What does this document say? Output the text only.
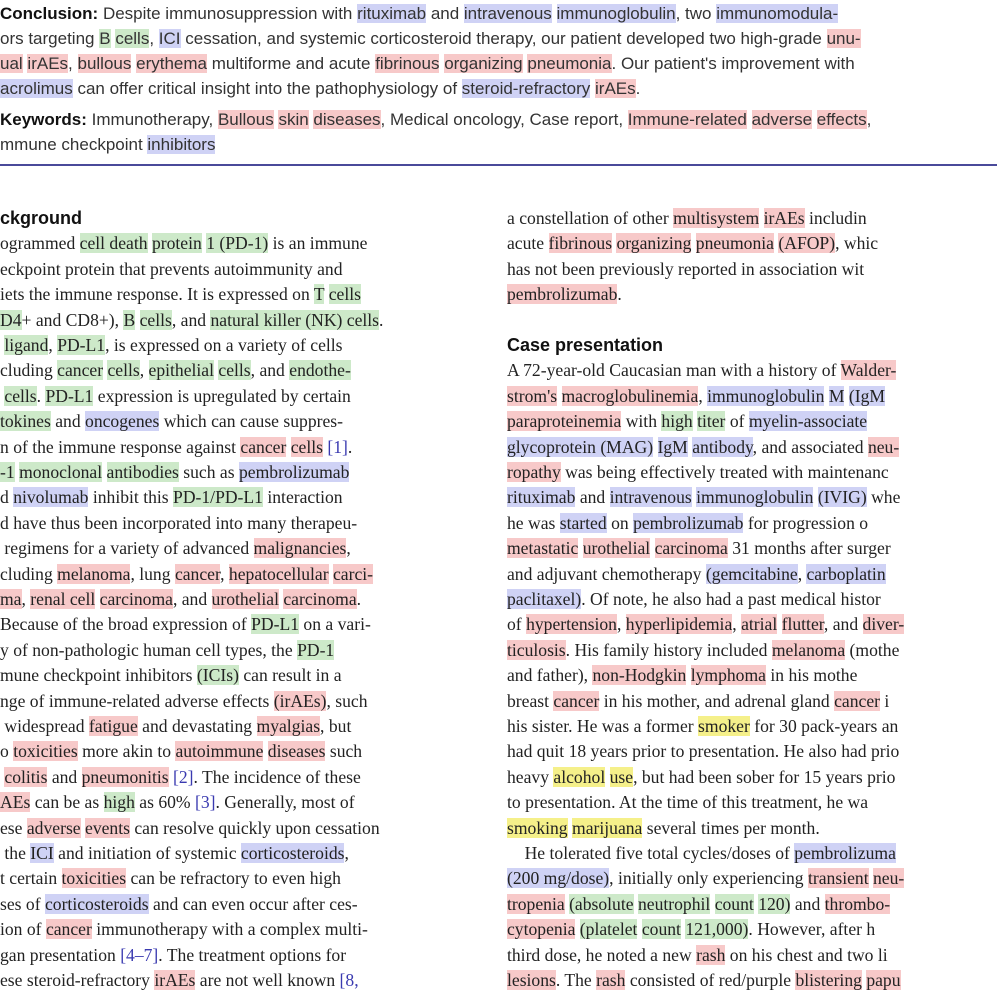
Conclusion: Despite immunosuppression with rituximab and intravenous immunoglobulin, two immunomodula-
ors targeting B cells, ICI cessation, and systemic corticosteroid therapy, our patient developed two high-grade unu-
ual irAEs, bullous erythema multiforme and acute fibrinous organizing pneumonia. Our patient's improvement with
acrolimus can offer critical insight into the pathophysiology of steroid-refractory irAEs.
Keywords: Immunotherapy, Bullous skin diseases, Medical oncology, Case report, Immune-related adverse effects,
mmune checkpoint inhibitors
ckground
ogrammed cell death protein 1 (PD-1) is an immune
eckpoint protein that prevents autoimmunity and
iets the immune response. It is expressed on T cells
D4+ and CD8+), B cells, and natural killer (NK) cells.
ligand, PD-L1, is expressed on a variety of cells
cluding cancer cells, epithelial cells, and endothe-
cells. PD-L1 expression is upregulated by certain
tokines and oncogenes which can cause suppres-
n of the immune response against cancer cells [1].
-1 monoclonal antibodies such as pembrolizumab
d nivolumab inhibit this PD-1/PD-L1 interaction
d have thus been incorporated into many therapeu-
regimens for a variety of advanced malignancies,
cluding melanoma, lung cancer, hepatocellular carci-
ma, renal cell carcinoma, and urothelial carcinoma.
Because of the broad expression of PD-L1 on a vari-
y of non-pathologic human cell types, the PD-1
mune checkpoint inhibitors (ICIs) can result in a
nge of immune-related adverse effects (irAEs), such
widespread fatigue and devastating myalgias, but
o toxicities more akin to autoimmune diseases such
colitis and pneumonitis [2]. The incidence of these
AEs can be as high as 60% [3]. Generally, most of
ese adverse events can resolve quickly upon cessation
the ICI and initiation of systemic corticosteroids,
t certain toxicities can be refractory to even high
ses of corticosteroids and can even occur after ces-
ion of cancer immunotherapy with a complex multi-
gan presentation [4–7]. The treatment options for
ese steroid-refractory irAEs are not well known [8,
a constellation of other multisystem irAEs includin
acute fibrinous organizing pneumonia (AFOP), whic
has not been previously reported in association wit
pembrolizumab.
Case presentation
A 72-year-old Caucasian man with a history of Walder-
strom's macroglobulinemia, immunoglobulin M (IgM
paraproteinemia with high titer of myelin-associate
glycoprotein (MAG) IgM antibody, and associated neu-
ropathy was being effectively treated with maintenanc
rituximab and intravenous immunoglobulin (IVIG) whe
he was started on pembrolizumab for progression o
metastatic urothelial carcinoma 31 months after surger
and adjuvant chemotherapy (gemcitabine, carboplatin
paclitaxel). Of note, he also had a past medical histor
of hypertension, hyperlipidemia, atrial flutter, and diver-
ticulosis. His family history included melanoma (mothe
and father), non-Hodgkin lymphoma in his mothe
breast cancer in his mother, and adrenal gland cancer i
his sister. He was a former smoker for 30 pack-years an
had quit 18 years prior to presentation. He also had prio
heavy alcohol use, but had been sober for 15 years prio
to presentation. At the time of this treatment, he wa
smoking marijuana several times per month.
He tolerated five total cycles/doses of pembrolizuma
(200 mg/dose), initially only experiencing transient neu-
tropenia (absolute neutrophil count 120) and thrombo-
cytopenia (platelet count 121,000). However, after h
third dose, he noted a new rash on his chest and two li
lesions. The rash consisted of red/purple blistering papu
